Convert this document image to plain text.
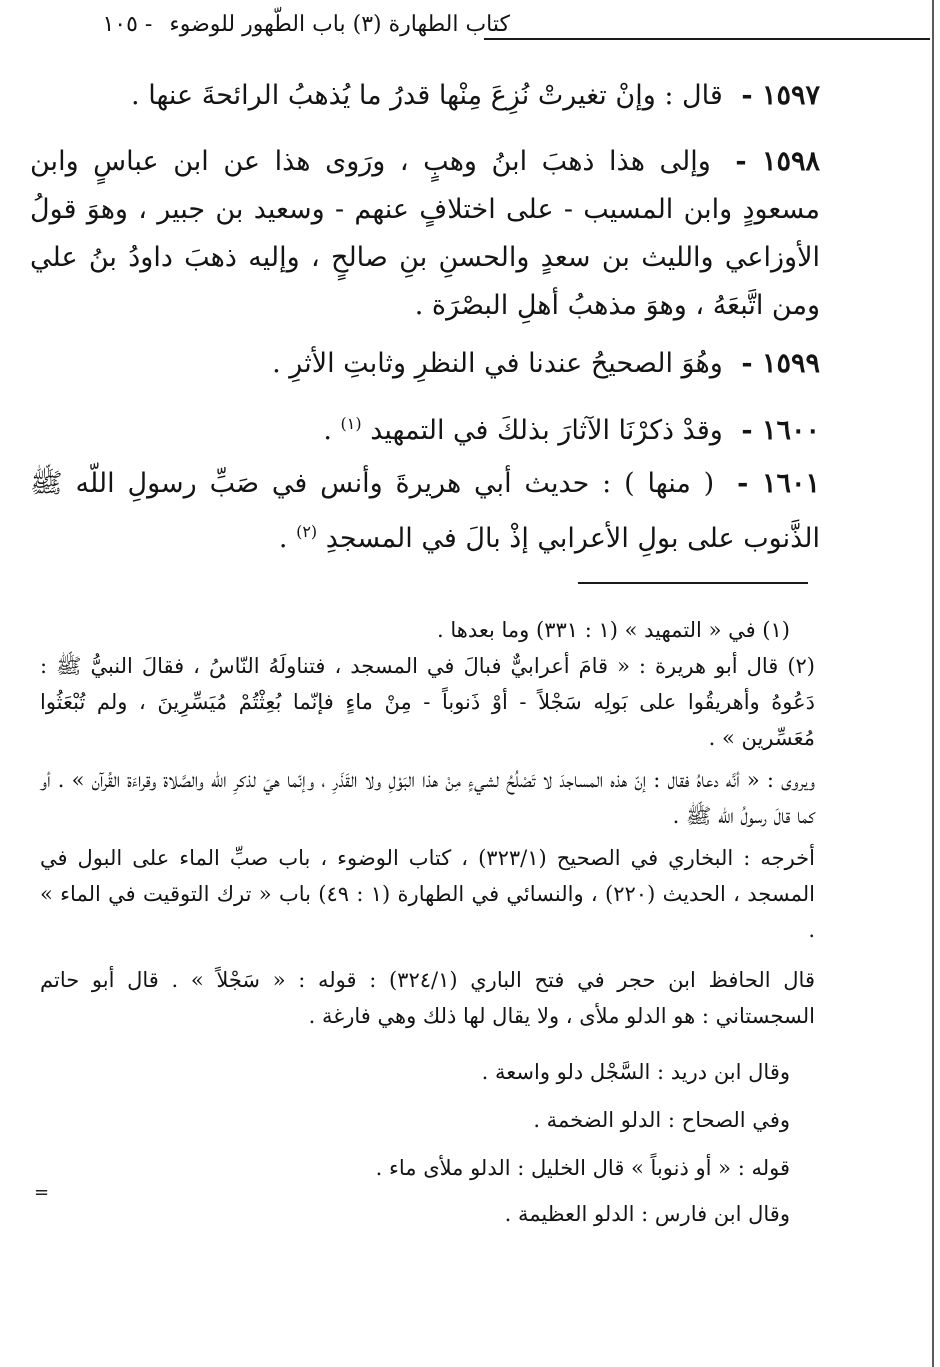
كتاب الطهارة (٣) باب الطّهور للوضوء - ١٠٥
١٥٩٧ - قال : وإنْ تغيرتْ نُزِعَ مِنْها قدرُ ما يُذهبُ الرائحةَ عنها .
١٥٩٨ - وإلى هذا ذهبَ ابنُ وهبٍ ، ورَوى هذا عن ابن عباسٍ وابن مسعودٍ وابن المسيب - على اختلافٍ عنهم - وسعيد بن جبير ، وهوَ قولُ الأوزاعي والليث بن سعدٍ والحسنِ بنِ صالحٍ ، وإليه ذهبَ داودُ بنُ علي ومن اتَّبعَهُ ، وهوَ مذهبُ أهلِ البصْرَة .
١٥٩٩ - وهُوَ الصحيحُ عندنا في النظرِ وثابتِ الأثرِ .
١٦٠٠ - وقدْ ذكرْنَا الآثارَ بذلكَ في التمهيد $^{(١)}$ .
١٦٠١ - ( منها ) : حديث أبي هريرةَ وأنس في صَبِّ رسولِ اللّه ﷺ الذَّنوب على بولِ الأعرابي إذْ بالَ في المسجدِ $^{(٢)}$ .
(١) في « التمهيد » (١ : ٣٣١) وما بعدها .
(٢) قال أبو هريرة : « قامَ أعرابيٌّ فبالَ في المسجد ، فتناولَهُ النّاسُ ، فقالَ النبيُّ ﷺ : دَعُوهُ وأهريقُوا على بَولِه سَجْلاً - أوْ ذَنوباً - مِنْ ماءٍ فإنّما بُعِثْتُمْ مُيَسِّرِينَ ، ولم تُبْعَثُوا مُعَسِّرين » .
ويروى : « أنَّه دعاهُ فقال : إنّ هذه المساجدَ لا تَصْلُحُ لشيءٍ مِنْ هذا البَوْلِ ولا القَذَرِ ، وإنّما هيَ لذكرِ اللّه والصَّلاة وقراءَة القُرآن » . أو كما قالَ رسولُ اللّه ﷺ .
أخرجه : البخاري في الصحيح (٣٢٣/١) ، كتاب الوضوء ، باب صبِّ الماء على البول في المسجد ، الحديث (٢٢٠) ، والنسائي في الطهارة (١ : ٤٩) باب « ترك التوقيت في الماء » .
قال الحافظ ابن حجر في فتح الباري (٣٢٤/١) : قوله : « سَجْلاً » . قال أبو حاتم السجستاني : هو الدلو ملأى ، ولا يقال لها ذلك وهي فارغة .
وقال ابن دريد : السَّجْل دلو واسعة .
وفي الصحاح : الدلو الضخمة .
قوله : « أو ذنوباً » قال الخليل : الدلو ملأى ماء .
وقال ابن فارس : الدلو العظيمة .
=
